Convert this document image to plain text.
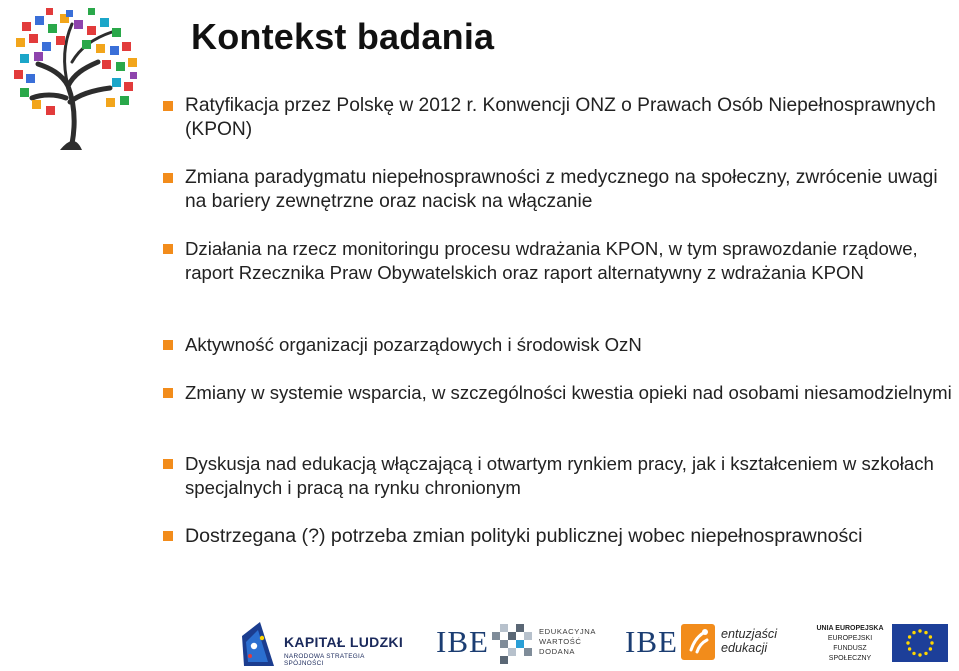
Kontekst badania

Ratyfikacja przez Polskę w 2012 r. Konwencji ONZ o Prawach Osób Niepełnosprawnych (KPON)

Zmiana paradygmatu niepełnosprawności z medycznego na społeczny, zwrócenie uwagi na bariery zewnętrzne oraz nacisk na włączanie

Działania na rzecz monitoringu procesu wdrażania KPON, w tym sprawozdanie rządowe, raport Rzecznika Praw Obywatelskich oraz raport alternatywny z wdrażania KPON

Aktywność organizacji pozarządowych i środowisk OzN

Zmiany w systemie wsparcia, w szczególności kwestia opieki nad osobami niesamodzielnymi

Dyskusja nad edukacją włączającą i otwartym rynkiem pracy, jak i kształceniem w szkołach specjalnych i pracą na rynku chronionym

Dostrzegana (?) potrzeba zmian polityki publicznej wobec niepełnosprawności

KAPITAŁ LUDZKI
NARODOWA STRATEGIA SPÓJNOŚCI
IBE	EDUKACYJNA
WARTOŚĆ
DODANA	IBE	entuzjaści
edukacji
UNIA EUROPEJSKA
EUROPEJSKI
FUNDUSZ SPOŁECZNY
